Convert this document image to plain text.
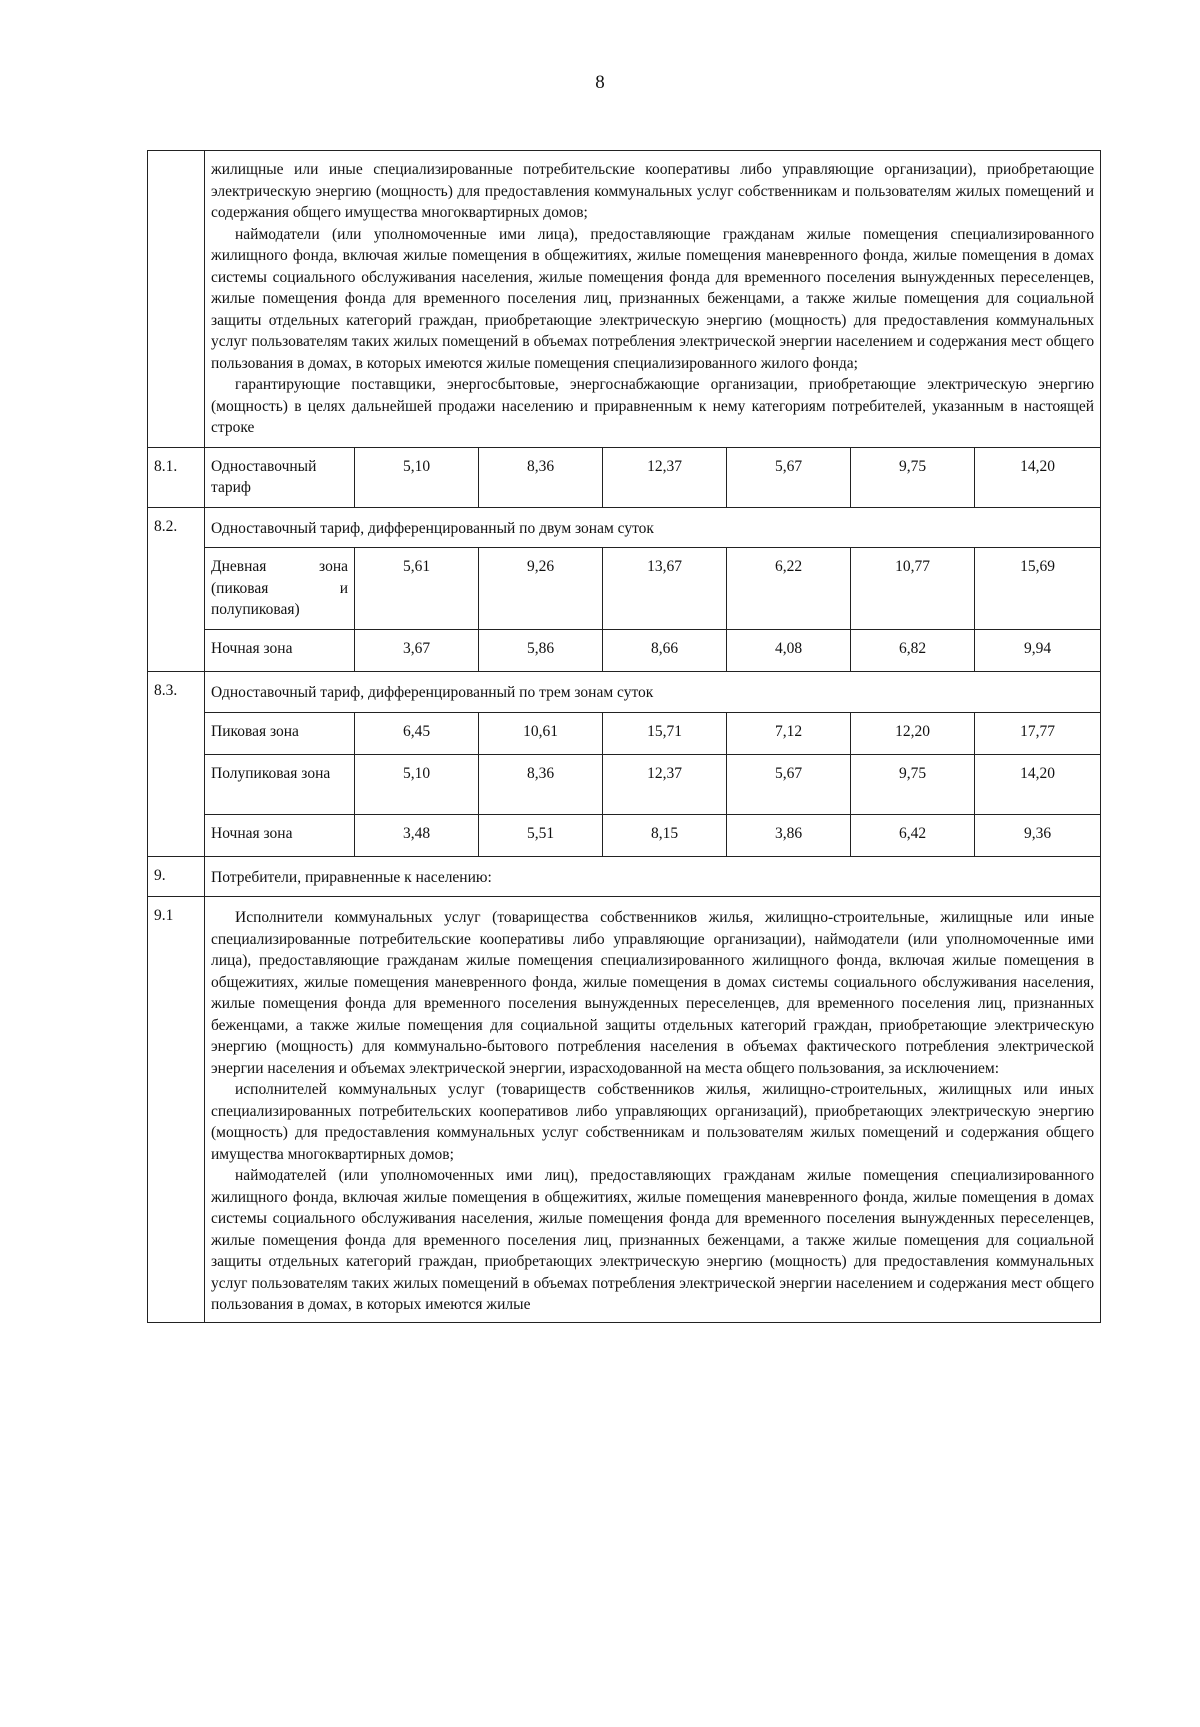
8

	жилищные или иные специализированные потребительские кооперативы либо управляющие организации), приобретающие электрическую энергию (мощность) для предоставления коммунальных услуг собственникам и пользователям жилых помещений и содержания общего имущества многоквартирных домов;

наймодатели (или уполномоченные ими лица), предоставляющие гражданам жилые помещения специализированного жилищного фонда, включая жилые помещения в общежитиях, жилые помещения маневренного фонда, жилые помещения в домах системы социального обслуживания населения, жилые помещения фонда для временного поселения вынужденных переселенцев, жилые помещения фонда для временного поселения лиц, признанных беженцами, а также жилые помещения для социальной защиты отдельных категорий граждан, приобретающие электрическую энергию (мощность) для предоставления коммунальных услуг пользователям таких жилых помещений в объемах потребления электрической энергии населением и содержания мест общего пользования в домах, в которых имеются жилые помещения специализированного жилого фонда;

гарантирующие поставщики, энергосбытовые, энергоснабжающие организации, приобретающие электрическую энергию (мощность) в целях дальнейшей продажи населению и приравненным к нему категориям потребителей, указанным в настоящей строке						

8.1.	Одноставочный тариф	5,10	8,36	12,37	5,67	9,75	14,20
8.2.	Одноставочный тариф, дифференцированный по двум зонам суток						
	Дневная зона (пиковая и полупиковая)	5,61	9,26	13,67	6,22	10,77	15,69
	Ночная зона	3,67	5,86	8,66	4,08	6,82	9,94
8.3.	Одноставочный тариф, дифференцированный по трем зонам суток						
	Пиковая зона	6,45	10,61	15,71	7,12	12,20	17,77
	Полупиковая зона	5,10	8,36	12,37	5,67	9,75	14,20
	Ночная зона	3,48	5,51	8,15	3,86	6,42	9,36
9.	Потребители, приравненные к населению:						
9.1	Исполнители коммунальных услуг (товарищества собственников жилья, жилищно-строительные, жилищные или иные специализированные потребительские кооперативы либо управляющие организации), наймодатели (или уполномоченные ими лица), предоставляющие гражданам жилые помещения специализированного жилищного фонда, включая жилые помещения в общежитиях, жилые помещения маневренного фонда, жилые помещения в домах системы социального обслуживания населения, жилые помещения фонда для временного поселения вынужденных переселенцев, для временного поселения лиц, признанных беженцами, а также жилые помещения для социальной защиты отдельных категорий граждан, приобретающие электрическую энергию (мощность) для коммунально-бытового потребления населения в объемах фактического потребления электрической энергии населения и объемах электрической энергии, израсходованной на места общего пользования, за исключением:

исполнителей коммунальных услуг (товариществ собственников жилья, жилищно-строительных, жилищных или иных специализированных потребительских кооперативов либо управляющих организаций), приобретающих электрическую энергию (мощность) для предоставления коммунальных услуг собственникам и пользователям жилых помещений и содержания общего имущества многоквартирных домов;

наймодателей (или уполномоченных ими лиц), предоставляющих гражданам жилые помещения специализированного жилищного фонда, включая жилые помещения в общежитиях, жилые помещения маневренного фонда, жилые помещения в домах системы социального обслуживания населения, жилые помещения фонда для временного поселения вынужденных переселенцев, жилые помещения фонда для временного поселения лиц, признанных беженцами, а также жилые помещения для социальной защиты отдельных категорий граждан, приобретающих электрическую энергию (мощность) для предоставления коммунальных услуг пользователям таких жилых помещений в объемах потребления электрической энергии населением и содержания мест общего пользования в домах, в которых имеются жилые						
